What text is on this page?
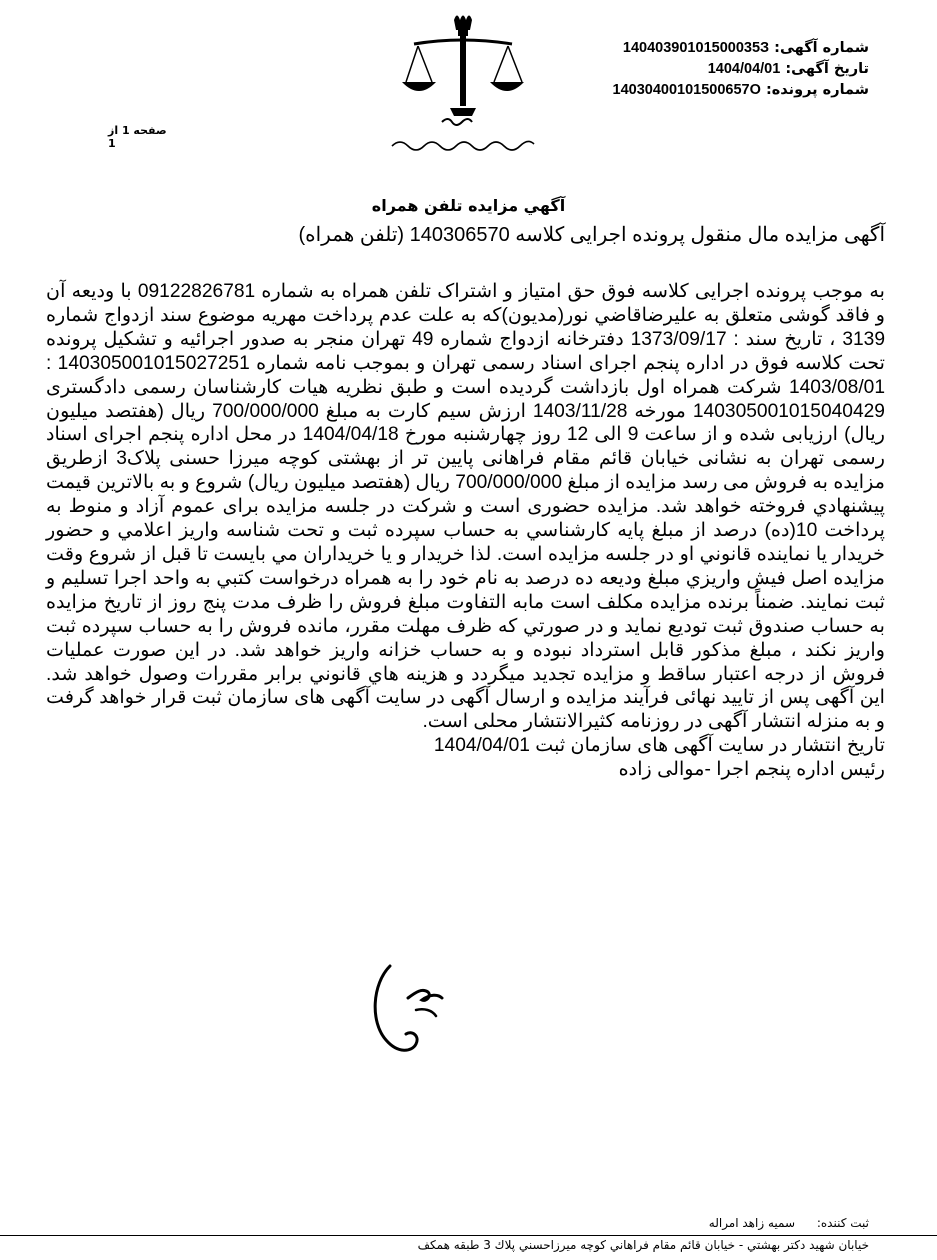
شماره آگهی: 14040390101500035З
تاریخ آگهی: 1404/04/01
شماره پرونده: 14030400101500657О
صفحه 1 از 1
آگهي مزايده تلفن همراه
آگهی مزایده مال منقول پرونده اجرایی کلاسه 140306570 (تلفن همراه)

به موجب پرونده اجرایی کلاسه فوق حق امتیاز و اشتراک تلفن همراه به شماره 09122826781 با ودیعه آن و فاقد گوشی متعلق به عليرضاقاضي نور(مدیون)که به علت عدم پرداخت مهریه موضوع سند ازدواج شماره 3139 ، تاریخ سند : 1373/09/17 دفترخانه ازدواج شماره 49 تهران منجر به صدور اجرائیه و تشکیل پرونده تحت کلاسه فوق در اداره پنجم اجرای اسناد رسمی تهران و بموجب نامه شماره 140305001015027251 : 1403/08/01 شرکت همراه اول بازداشت گردیده است و طبق نظریه هیات کارشناسان رسمی دادگستری 140305001015040429 مورخه 1403/11/28 ارزش سیم کارت به مبلغ 700/000/000 ریال (هفتصد میلیون ریال) ارزیابی شده و از ساعت 9 الی 12 روز چهارشنبه مورخ 1404/04/18 در محل اداره پنجم اجرای اسناد رسمی تهران به نشانی خیابان قائم مقام فراهانی پایین تر از بهشتی کوچه میرزا حسنی پلاک3 ازطریق مزایده به فروش می رسد مزایده از مبلغ 700/000/000 ریال (هفتصد میلیون ریال) شروع و به بالاترين قيمت پيشنهادي فروخته خواهد شد. مزایده حضوری است و شرکت در جلسه مزایده برای عموم آزاد و منوط به پرداخت 10(ده) درصد از مبلغ پایه كارشناسي به حساب سپرده ثبت و تحت شناسه واريز اعلامي و حضور خريدار يا نماينده قانوني او در جلسه مزايده است. لذا خريدار و يا خريداران مي بايست تا قبل از شروع وقت مزايده اصل فيش واريزي مبلغ وديعه ده درصد به نام خود را به همراه درخواست كتبي به واحد اجرا تسليم و ثبت نمايند. ضمناً برنده مزايده مکلف است مابه التفاوت مبلغ فروش را ظرف مدت پنج روز از تاریخ مزایده به حساب صندوق ثبت تودیع نماید و در صورتي كه ظرف مهلت مقرر، مانده فروش را به حساب سپرده ثبت واريز نكند ، مبلغ مذكور قابل استرداد نبوده و به حساب خزانه واريز خواهد شد. در اين صورت عمليات فروش از درجه اعتبار ساقط و مزايده تجديد ميگردد و هزينه هاي قانوني برابر مقررات وصول خواهد شد. این آگهی پس از تایید نهائی فرآیند مزایده و ارسال آگهی در سایت آگهی های سازمان ثبت قرار خواهد گرفت و به منزله انتشار آگهی در روزنامه کثیرالانتشار محلی است.

تاریخ انتشار در سایت آگهی های سازمان ثبت 1404/04/01

رئیس اداره پنجم اجرا -موالی زاده

ثبت کننده: سميه زاهد امراله
خيابان شهيد دكتر بهشتي - خيابان قائم مقام فراهاني كوچه ميرزاحسني پلاك 3 طبقه همكف
